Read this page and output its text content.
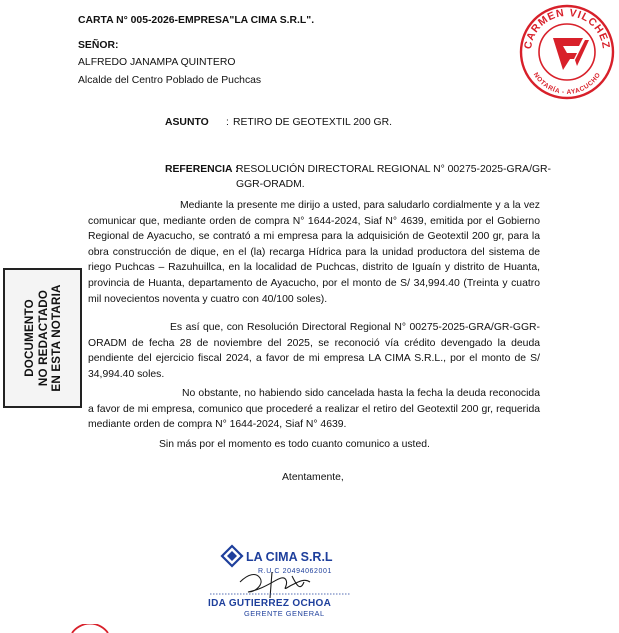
CARTA N° 005-2026-EMPRESA"LA CIMA S.R.L".
CARMEN VILCHEZ
NOTARÍA - AYACUCHO
SEÑOR:
ALFREDO JANAMPA QUINTERO
Alcalde del Centro Poblado de Puchcas
ASUNTO : RETIRO DE GEOTEXTIL 200 GR.
REFERENCIA :
RESOLUCIÓN DIRECTORAL REGIONAL N° 00275-2025-GRA/GR-
GGR-ORADM.
Mediante la presente me dirijo a usted, para saludarlo cordialmente y a la vez comunicar que, mediante orden de compra N° 1644-2024, Siaf N° 4639, emitida por el Gobierno Regional de Ayacucho, se contrató a mi empresa para la adquisición de Geotextil 200 gr, para la obra construcción de dique, en el (la) recarga Hídrica para la unidad productora del sistema de riego Puchcas – Razuhuillca, en la localidad de Puchcas, distrito de Iguaín y distrito de Huanta, provincia de Huanta, departamento de Ayacucho, por el monto de S/ 34,994.40 (Treinta y cuatro mil novecientos noventa y cuatro con 40/100 soles).
Es así que, con Resolución Directoral Regional N° 00275-2025-GRA/GR-GGR-ORADM de fecha 28 de noviembre del 2025, se reconoció vía crédito devengado la deuda pendiente del ejercicio fiscal 2024, a favor de mi empresa LA CIMA S.R.L., por el monto de S/ 34,994.40 soles.
No obstante, no habiendo sido cancelada hasta la fecha la deuda reconocida a favor de mi empresa, comunico que procederé a realizar el retiro del Geotextil 200 gr, requerida mediante orden de compra N° 1644-2024, Siaf N° 4639.
Sin más por el momento es todo cuanto comunico a usted.
Atentamente,
DOCUMENTO NO REDACTADO EN ESTA NOTARIA
LA CIMA S.R.L
R.U.C 20494062001
IDA GUTIERREZ OCHOA
GERENTE GENERAL
